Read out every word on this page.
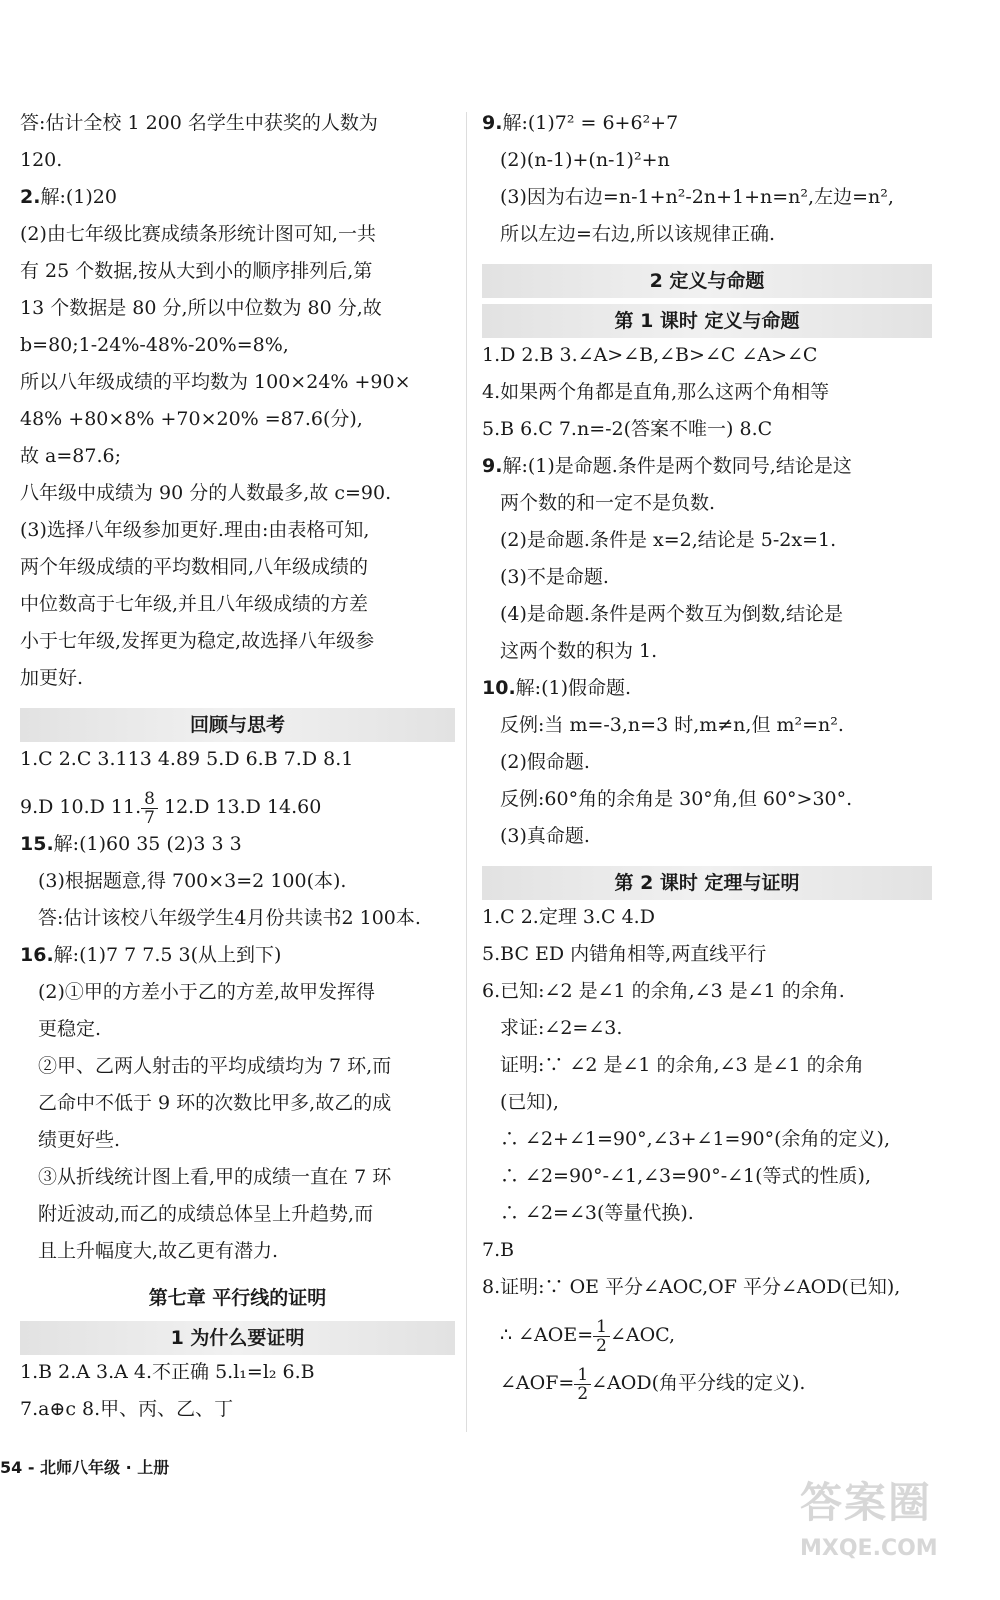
答:估计全校 1 200 名学生中获奖的人数为
120.
2.解:(1)20
(2)由七年级比赛成绩条形统计图可知,一共
有 25 个数据,按从大到小的顺序排列后,第
13 个数据是 80 分,所以中位数为 80 分,故
b=80;1-24%-48%-20%=8%,
所以八年级成绩的平均数为 100×24% +90×
48% +80×8% +70×20% =87.6(分),
故 a=87.6;
八年级中成绩为 90 分的人数最多,故 c=90.
(3)选择八年级参加更好.理由:由表格可知,
两个年级成绩的平均数相同,八年级成绩的
中位数高于七年级,并且八年级成绩的方差
小于七年级,发挥更为稳定,故选择八年级参
加更好.
回顾与思考
1.C 2.C 3.113 4.89 5.D 6.B 7.D 8.1
9.D 10.D 11. $\frac{8}{7} 12.D$ 13.D 14.60
15.解:(1)60 35 (2)3 3 3
(3)根据题意,得 700×3=2 100(本).
答:估计该校八年级学生4月份共读书2 100本.
16.解:(1)7 7 7.5 3(从上到下)
(2)①甲的方差小于乙的方差,故甲发挥得
更稳定.
②甲、乙两人射击的平均成绩均为 7 环,而
乙命中不低于 9 环的次数比甲多,故乙的成
绩更好些.
③从折线统计图上看,甲的成绩一直在 7 环
附近波动,而乙的成绩总体呈上升趋势,而
且上升幅度大,故乙更有潜力.
第七章 平行线的证明
1 为什么要证明
1.B 2.A 3.A 4.不正确 5.l₁=l₂ 6.B
7.a⊕c 8.甲、丙、乙、丁
9.解:(1)7² = 6+6²+7
(2)(n-1)+(n-1)²+n
(3)因为右边=n-1+n²-2n+1+n=n²,左边=n²,
所以左边=右边,所以该规律正确.
2 定义与命题
第 1 课时 定义与命题
1.D 2.B 3.∠A>∠B,∠B>∠C ∠A>∠C
4.如果两个角都是直角,那么这两个角相等
5.B 6.C 7.n=-2(答案不唯一) 8.C
9.解:(1)是命题.条件是两个数同号,结论是这
两个数的和一定不是负数.
(2)是命题.条件是 x=2,结论是 5-2x=1.
(3)不是命题.
(4)是命题.条件是两个数互为倒数,结论是
这两个数的积为 1.
10.解:(1)假命题.
反例:当 m=-3,n=3 时,m≠n,但 m²=n².
(2)假命题.
反例:60°角的余角是 30°角,但 60°>30°.
(3)真命题.
第 2 课时 定理与证明
1.C 2.定理 3.C 4.D
5.BC ED 内错角相等,两直线平行
6.已知:∠2 是∠1 的余角,∠3 是∠1 的余角.
求证:∠2=∠3.
证明:∵ ∠2 是∠1 的余角,∠3 是∠1 的余角
(已知),
∴ ∠2+∠1=90°,∠3+∠1=90°(余角的定义),
∴ ∠2=90°-∠1,∠3=90°-∠1(等式的性质),
∴ ∠2=∠3(等量代换).
7.B
8.证明:∵ OE 平分∠AOC,OF 平分∠AOD(已知),
∴ ∠AOE= $\frac{1}{2}$ ∠AOC,
∠AOF= $\frac{1}{2}$ ∠AOD(角平分线的定义).
54 - 北师八年级 · 上册
答案圈
MXQE.COM
